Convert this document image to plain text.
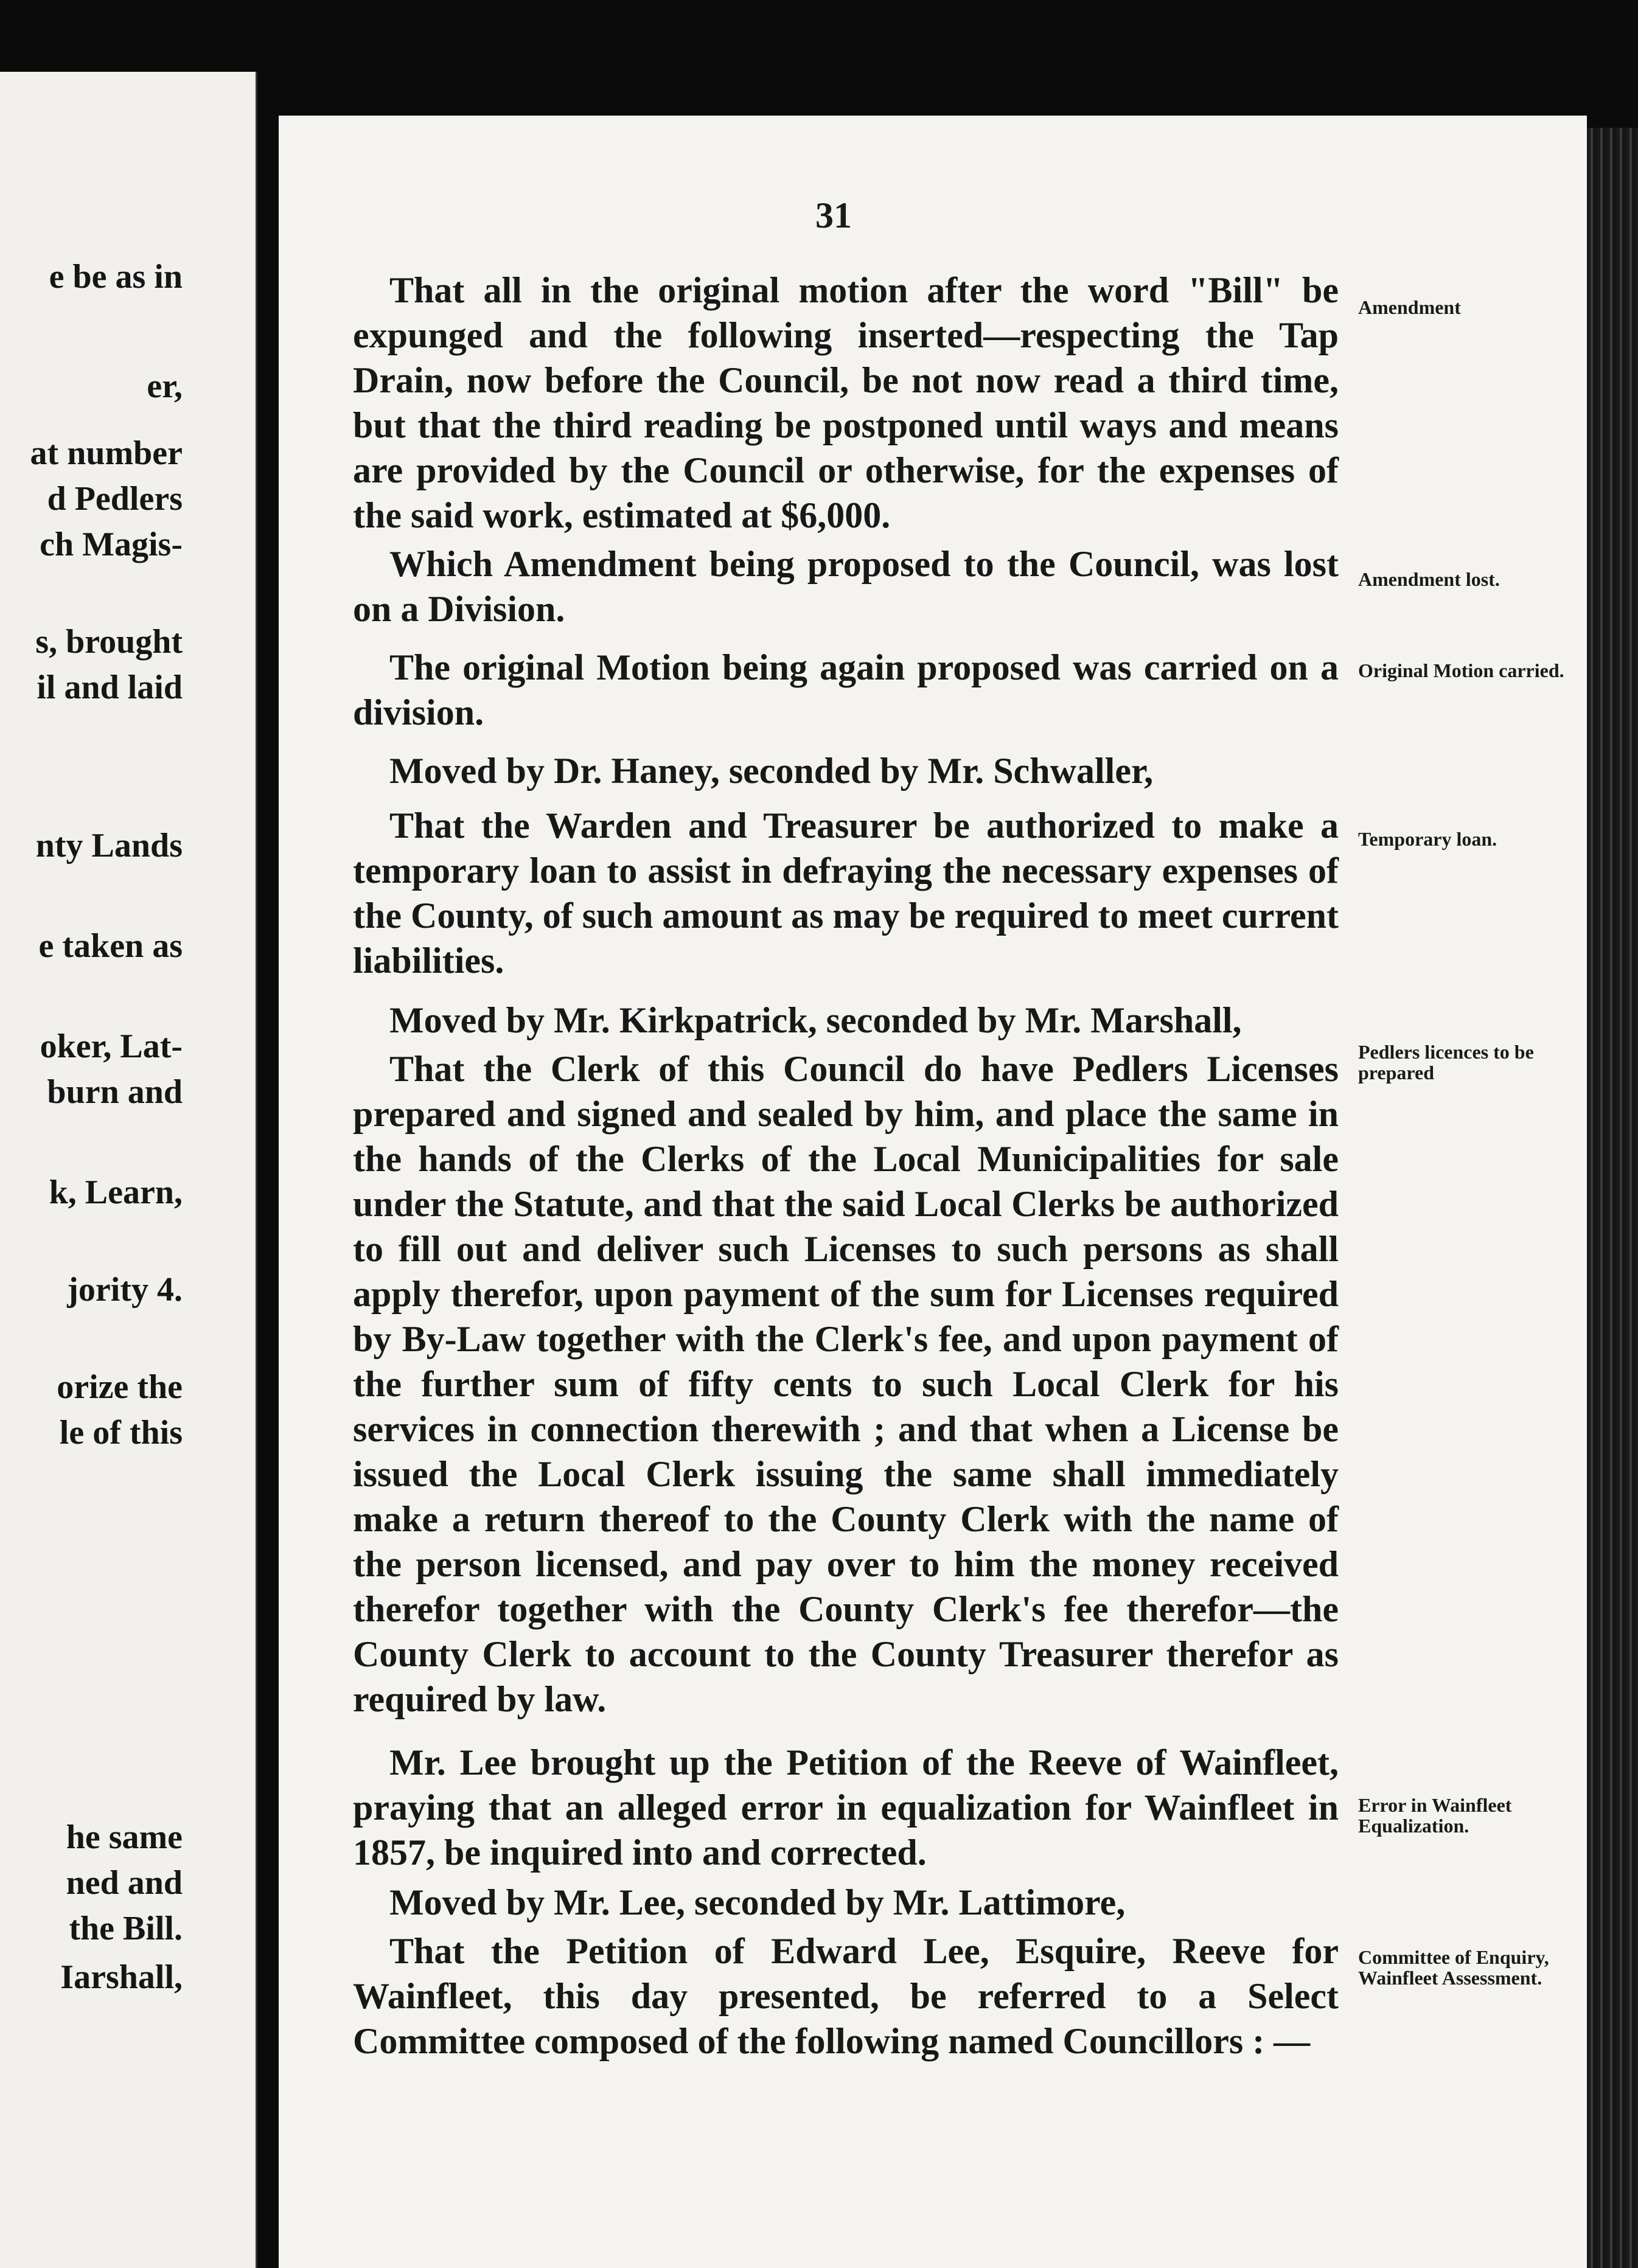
e be as in
er,
at number
d Pedlers
ch Magis-
s, brought
il and laid
nty Lands
e taken as
oker, Lat-
burn and
k, Learn,
jority 4.
orize the
le of this
he same
ned and
the Bill.
Iarshall,
31

That all in the original motion after the word "Bill" be expunged and the following inserted—respecting the Tap Drain, now before the Council, be not now read a third time, but that the third reading be postponed until ways and means are provided by the Council or otherwise, for the expenses of the said work, estimated at $6,000.

Which Amendment being proposed to the Council, was lost on a Division.

The original Motion being again proposed was carried on a division.

Moved by Dr. Haney, seconded by Mr. Schwaller,

That the Warden and Treasurer be authorized to make a temporary loan to assist in defraying the necessary expenses of the County, of such amount as may be required to meet current liabilities.

Moved by Mr. Kirkpatrick, seconded by Mr. Marshall,

That the Clerk of this Council do have Pedlers Licenses prepared and signed and sealed by him, and place the same in the hands of the Clerks of the Local Municipalities for sale under the Statute, and that the said Local Clerks be authorized to fill out and deliver such Licenses to such persons as shall apply therefor, upon payment of the sum for Licenses required by By-Law together with the Clerk's fee, and upon payment of the further sum of fifty cents to such Local Clerk for his services in connection therewith ; and that when a License be issued the Local Clerk issuing the same shall immediately make a return thereof to the County Clerk with the name of the person licensed, and pay over to him the money received therefor together with the County Clerk's fee therefor—the County Clerk to account to the County Treasurer therefor as required by law.

Mr. Lee brought up the Petition of the Reeve of Wainfleet, praying that an alleged error in equalization for Wainfleet in 1857, be inquired into and corrected.

Moved by Mr. Lee, seconded by Mr. Lattimore,

That the Petition of Edward Lee, Esquire, Reeve for Wainfleet, this day presented, be referred to a Select Committee composed of the following named Councillors : —

Amendment

Amendment lost.

Original Motion carried.

Temporary loan.

Pedlers licences to be prepared

Error in Wainfleet Equalization.

Committee of Enquiry, Wainfleet Assessment.
